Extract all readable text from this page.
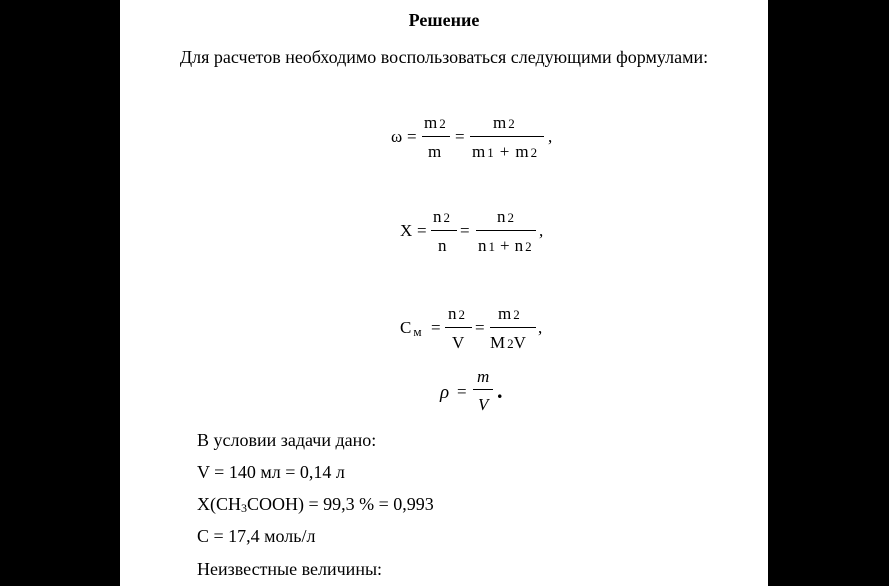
Решение
Для расчетов необходимо воспользоваться следующими формулами:
ω =
m 2
m
=
m 2
m 1 + m 2
,
X =
n 2
n
=
n 2
n 1 + n 2
,
C $_м$ =
n 2
V
=
m 2
M 2V
,
ρ =
m
V
.
В условии задачи дано:
V = 140 мл = 0,14 л
$X(CH_3COOH) = 99,3$ % = 0,993
C = 17,4 моль/л
Неизвестные величины:
